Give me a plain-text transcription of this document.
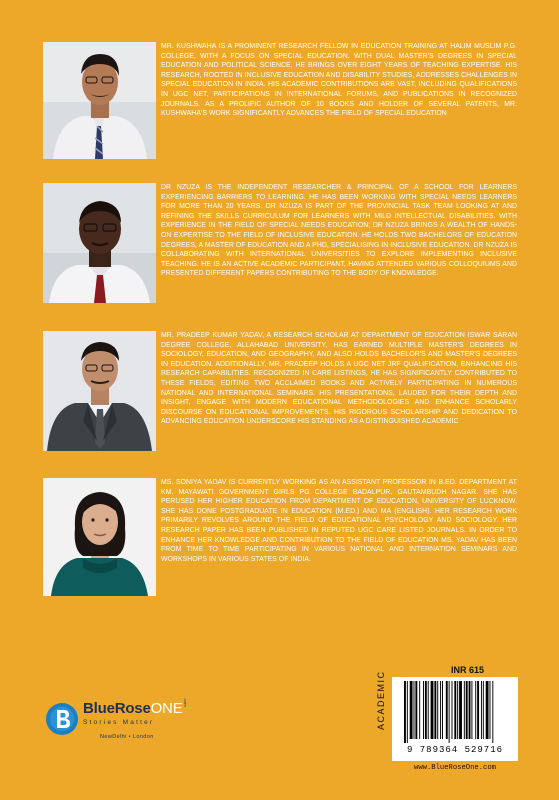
MR. KUSHWAHA IS A PROMINENT RESEARCH FELLOW IN EDUCATION TRAINING AT HALIM MUSLIM P.G. COLLEGE, WITH A FOCUS ON SPECIAL EDUCATION. WITH DUAL MASTER'S DEGREES IN SPECIAL EDUCATION AND POLITICAL SCIENCE, HE BRINGS OVER EIGHT YEARS OF TEACHING EXPERTISE. HIS RESEARCH, ROOTED IN INCLUSIVE EDUCATION AND DISABILITY STUDIES, ADDRESSES CHALLENGES IN SPECIAL EDUCATION IN INDIA. HIS ACADEMIC CONTRIBUTIONS ARE VAST, INCLUDING QUALIFICATIONS IN UGC NET, PARTICIPATIONS IN INTERNATIONAL FORUMS, AND PUBLICATIONS IN RECOGNIZED JOURNALS. AS A PROLIFIC AUTHOR OF 10 BOOKS AND HOLDER OF SEVERAL PATENTS, MR. KUSHWAHA'S WORK SIGNIFICANTLY ADVANCES THE FIELD OF SPECIAL EDUCATION

DR NZUZA IS THE INDEPENDENT RESEARCHER & PRINCIPAL OF A SCHOOL FOR LEARNERS EXPERIENCING BARRIERS TO LEARNING. HE HAS BEEN WORKING WITH SPECIAL NEEDS LEARNERS FOR MORE THAN 20 YEARS. DR NZUZA IS PART OF THE PROVINCIAL TASK TEAM LOOKING AT AND REFINING THE SKILLS CURRICULUM FOR LEARNERS WITH MILD INTELLECTUAL DISABILITIES. WITH EXPERIENCE IN THE FIELD OF SPECIAL NEEDS EDUCATION; DR NZUZA BRINGS A WEALTH OF HANDS-ON EXPERTISE TO THE FIELD OF INCLUSIVE EDUCATION. HE HOLDS TWO BACHELORS OF EDUCATION DEGREES, A MASTER OF EDUCATION AND A PHD, SPECIALISING IN INCLUSIVE EDUCATION. DR NZUZA IS COLLABORATING WITH INTERNATIONAL UNIVERSITIES TO EXPLORE IMPLEMENTING INCLUSIVE TEACHING. HE IS AN ACTIVE ACADEMIC PARTICIPANT, HAVING ATTENDED VARIOUS COLLOQUIUMS AND PRESENTED DIFFERENT PAPERS CONTRIBUTING TO THE BODY OF KNOWLEDGE.

MR. PRADEEP KUMAR YADAV, A RESEARCH SCHOLAR AT DEPARTMENT OF EDUCATION ISWAR SARAN DEGREE COLLEGE, ALLAHABAD UNIVERSITY, HAS EARNED MULTIPLE MASTER'S DEGREES IN SOCIOLOGY, EDUCATION, AND GEOGRAPHY, AND ALSO HOLDS BACHELOR'S AND MASTER'S DEGREES IN EDUCATION. ADDITIONALLY, MR. PRADEEP HOLDS A UGC NET JRF QUALIFICATION, ENHANCING HIS RESEARCH CAPABILITIES. RECOGNIZED IN CARE LISTINGS, HE HAS SIGNIFICANTLY CONTRIBUTED TO THESE FIELDS, EDITING TWO ACCLAIMED BOOKS AND ACTIVELY PARTICIPATING IN NUMEROUS NATIONAL AND INTERNATIONAL SEMINARS. HIS PRESENTATIONS, LAUDED FOR THEIR DEPTH AND INSIGHT, ENGAGE WITH MODERN EDUCATIONAL METHODOLOGIES AND ENHANCE SCHOLARLY DISCOURSE ON EDUCATIONAL IMPROVEMENTS. HIS RIGOROUS SCHOLARSHIP AND DEDICATION TO ADVANCING EDUCATION UNDERSCORE HIS STANDING AS A DISTINGUISHED ACADEMIC

MS. SONIYA YADAV IS CURRENTLY WORKING AS AN ASSISTANT PROFESSOR IN B.ED. DEPARTMENT AT KM. MAYAWATI GOVERNMENT GIRLS PG COLLEGE BADALPUR, GAUTAMBUDH NAGAR. SHE HAS PERUSED HER HIGHER EDUCATION FROM DEPARTMENT OF EDUCATION, UNIVERSITY OF LUCKNOW. SHE HAS DONE POSTGRADUATE IN EDUCATION (M.ED.) AND MA (ENGLISH). HER RESEARCH WORK PRIMARILY REVOLVES AROUND THE FIELD OF EDUCATIONAL PSYCHOLOGY AND SOCIOLOGY. HER RESEARCH PAPER HAS BEEN PUBLISHED IN REPUTED UGC CARE LISTED JOURNALS. IN ORDER TO ENHANCE HER KNOWLEDGE AND CONTRIBUTION TO THE FIELD OF EDUCATION MS. YADAV HAS BEEN FROM TIME TO TIME PARTICIPATING IN VARIOUS NATIONAL AND INTERNATION SEMINARS AND WORKSHOPS IN VARIOUS STATES OF INDIA.

BlueRoseONE .com
Stories Matter
NewDelhi • London
INR 615
ACADEMIC
9 789364 529716
www.BlueRoseOne.com
